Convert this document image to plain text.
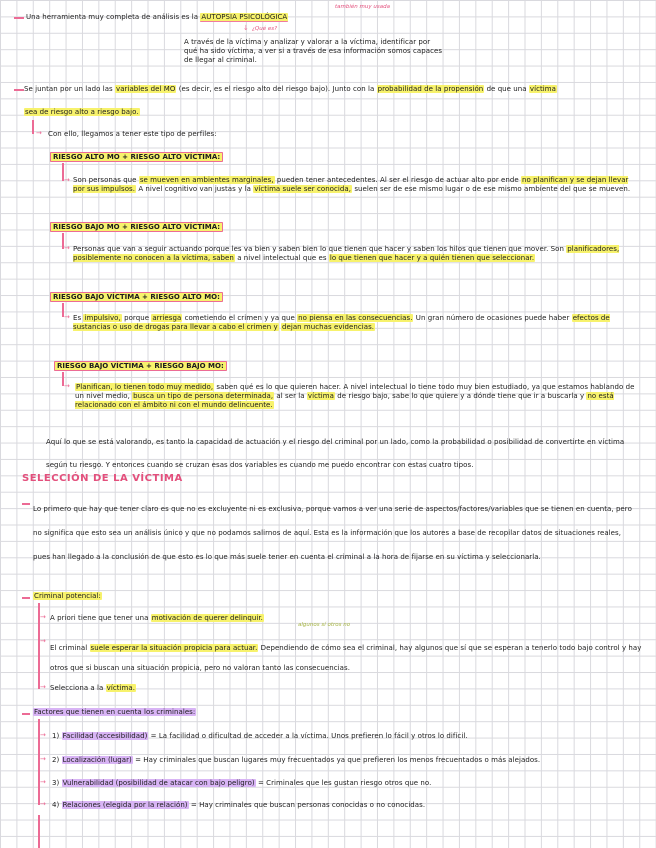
Una herramienta muy completa de análisis es la AUTOPSIA PSICOLÓGICA
también muy usada
¿Qué es?
↓
A través de la víctima y analizar y valorar a la víctima, identificar por qué ha sido víctima, a ver si a través de esa información somos capaces de llegar al criminal.
Se juntan por un lado las variables del MO (es decir, es el riesgo alto del riesgo bajo). Junto con la probabilidad de la propensión de que una víctima
sea de riesgo alto a riesgo bajo.
→ Con ello, llegamos a tener este tipo de perfiles:
RIESGO ALTO MO + RIESGO ALTO VÍCTIMA:
→ Son personas que se mueven en ambientes marginales, pueden tener antecedentes. Al ser el riesgo de actuar alto por ende no planifican y se dejan llevar por sus impulsos. A nivel cognitivo van justas y la víctima suele ser conocida, suelen ser de ese mismo lugar o de ese mismo ambiente del que se mueven.
RIESGO BAJO MO + RIESGO ALTO VÍCTIMA:
→ Personas que van a seguir actuando porque les va bien y saben bien lo que tienen que hacer y saben los hilos que tienen que mover. Son planificadores, posiblemente no conocen a la víctima, saben a nivel intelectual que es lo que tienen que hacer y a quién tienen que seleccionar.
RIESGO BAJO VÍCTIMA + RIESGO ALTO MO:
→ Es impulsivo, porque arriesga cometiendo el crimen y ya que no piensa en las consecuencias. Un gran número de ocasiones puede haber efectos de sustancias o uso de drogas para llevar a cabo el crimen y dejan muchas evidencias.
RIESGO BAJO VÍCTIMA + RIESGO BAJO MO:
→ Planifican, lo tienen todo muy medido, saben qué es lo que quieren hacer. A nivel intelectual lo tiene todo muy bien estudiado, ya que estamos hablando de un nivel medio, busca un tipo de persona determinada, al ser la víctima de riesgo bajo, sabe lo que quiere y a dónde tiene que ir a buscarla y no está relacionado con el ámbito ni con el mundo delincuente.
Aquí lo que se está valorando, es tanto la capacidad de actuación y el riesgo del criminal por un lado, como la probabilidad o posibilidad de convertirte en víctima según tu riesgo. Y entonces cuando se cruzan esas dos variables es cuando me puedo encontrar con estas cuatro tipos.
SELECCIÓN DE LA VÍCTIMA
Lo primero que hay que tener claro es que no es excluyente ni es exclusiva, porque vamos a ver una serie de aspectos/factores/variables que se tienen en cuenta, pero no significa que esto sea un análisis único y que no podamos salirnos de aquí. Esta es la información que los autores a base de recopilar datos de situaciones reales, pues han llegado a la conclusión de que esto es lo que más suele tener en cuenta el criminal a la hora de fijarse en su víctima y seleccionarla.
Criminal potencial:
→ A priori tiene que tener una motivación de querer delinquir.
algunos sí otros no
→
El criminal suele esperar la situación propicia para actuar. Dependiendo de cómo sea el criminal, hay algunos que sí que se esperan a tenerlo todo bajo control y hay otros que si buscan una situación propicia, pero no valoran tanto las consecuencias.
→ Selecciona a la víctima.
Factores que tienen en cuenta los criminales:
→ 1) Facilidad (accesibilidad) = La facilidad o dificultad de acceder a la víctima. Unos prefieren lo fácil y otros lo difícil.
→ 2) Localización (lugar) = Hay criminales que buscan lugares muy frecuentados ya que prefieren los menos frecuentados o más alejados.
→ 3) Vulnerabilidad (posibilidad de atacar con bajo peligro) = Criminales que les gustan riesgo otros que no.
→ 4) Relaciones (elegida por la relación) = Hay criminales que buscan personas conocidas o no conocidas.
